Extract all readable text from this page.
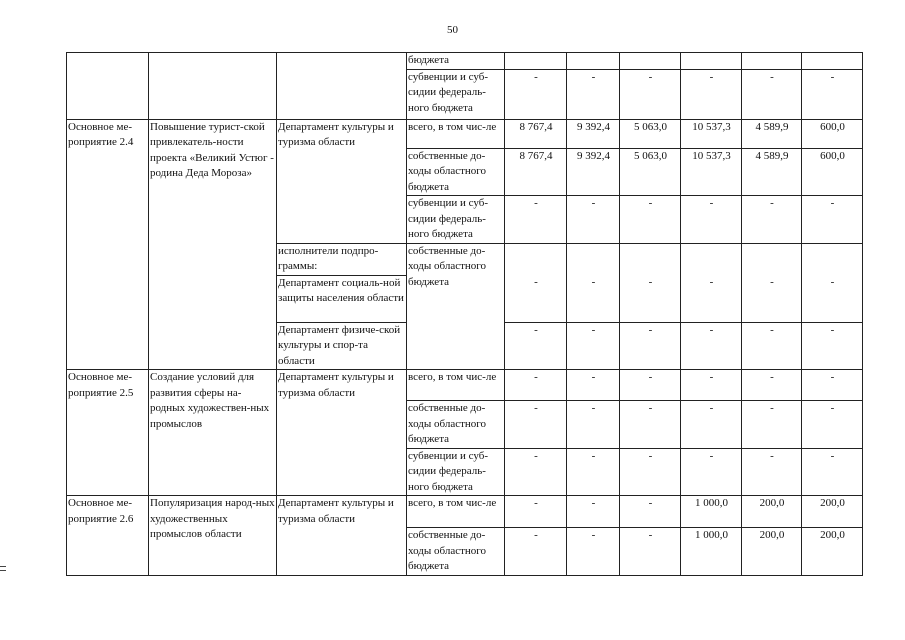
50
			бюджета						
			субвенции и суб-сидии федераль-ного бюджета	-	-	-	-	-	-
Основное ме-роприятие 2.4	Повышение турист-ской привлекатель-ности проекта «Великий Устюг - родина Деда Мороза»	Департамент культуры и туризма области	всего, в том чис-ле	8 767,4	9 392,4	5 063,0	10 537,3	4 589,9	600,0
			собственные до-ходы областного бюджета	8 767,4	9 392,4	5 063,0	10 537,3	4 589,9	600,0
			субвенции и суб-сидии федераль-ного бюджета	-	-	-	-	-	-
		исполнители подпро-граммы:	собственные до-ходы областного бюджета	-	-	-	-	-	-
		Департамент социаль-ной защиты населения области							
		Департамент физиче-ской культуры и спор-та области		-	-	-	-	-	-
Основное ме-роприятие 2.5	Создание условий для развития сферы на-родных художествен-ных промыслов	Департамент культуры и туризма области	всего, в том чис-ле	-	-	-	-	-	-
			собственные до-ходы областного бюджета	-	-	-	-	-	-
			субвенции и суб-сидии федераль-ного бюджета	-	-	-	-	-	-
Основное ме-роприятие 2.6	Популяризация народ-ных художественных промыслов области	Департамент культуры и туризма области	всего, в том чис-ле	-	-	-	1 000,0	200,0	200,0
			собственные до-ходы областного бюджета	-	-	-	1 000,0	200,0	200,0
